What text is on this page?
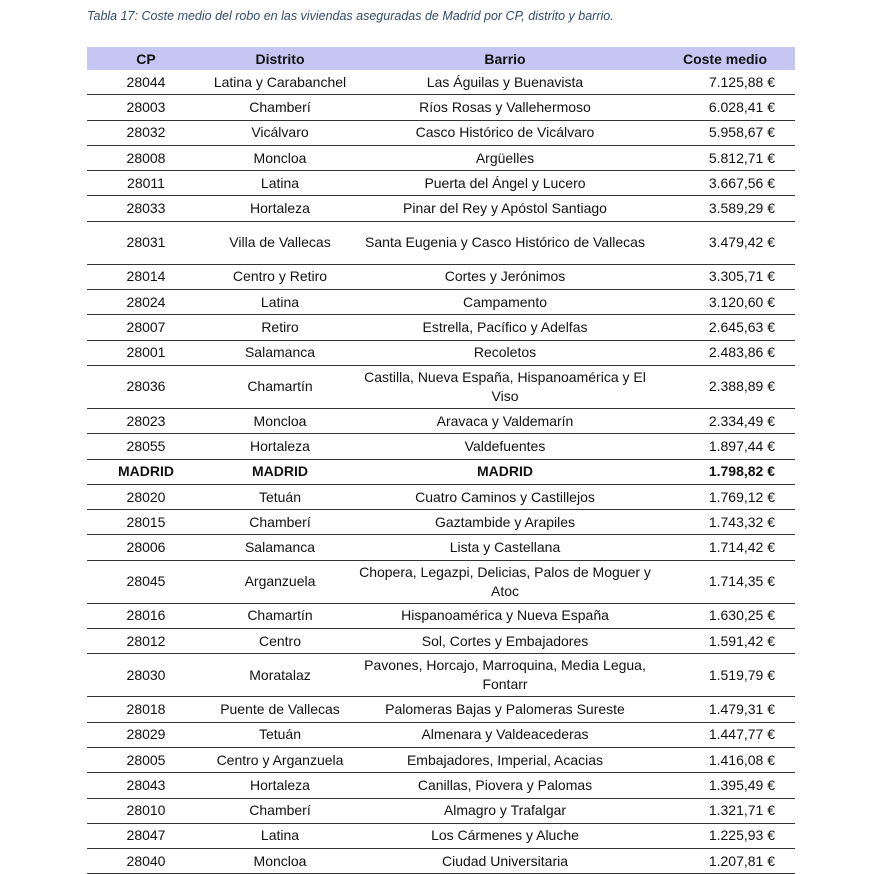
Tabla 17: Coste medio del robo en las viviendas aseguradas de Madrid por CP, distrito y barrio.
CP	Distrito	Barrio	Coste medio
28044	Latina y Carabanchel	Las Águilas y Buenavista	7.125,88 €
28003	Chamberí	Ríos Rosas y Vallehermoso	6.028,41 €
28032	Vicálvaro	Casco Histórico de Vicálvaro	5.958,67 €
28008	Moncloa	Argüelles	5.812,71 €
28011	Latina	Puerta del Ángel y Lucero	3.667,56 €
28033	Hortaleza	Pinar del Rey y Apóstol Santiago	3.589,29 €
28031	Villa de Vallecas	Santa Eugenia y Casco Histórico de Vallecas	3.479,42 €
28014	Centro y Retiro	Cortes y Jerónimos	3.305,71 €
28024	Latina	Campamento	3.120,60 €
28007	Retiro	Estrella, Pacífico y Adelfas	2.645,63 €
28001	Salamanca	Recoletos	2.483,86 €
28036	Chamartín	Castilla, Nueva España, Hispanoamérica y El Viso	2.388,89 €
28023	Moncloa	Aravaca y Valdemarín	2.334,49 €
28055	Hortaleza	Valdefuentes	1.897,44 €
MADRID	MADRID	MADRID	1.798,82 €
28020	Tetuán	Cuatro Caminos y Castillejos	1.769,12 €
28015	Chamberí	Gaztambide y Arapiles	1.743,32 €
28006	Salamanca	Lista y Castellana	1.714,42 €
28045	Arganzuela	Chopera, Legazpi, Delicias, Palos de Moguer y Atoc	1.714,35 €
28016	Chamartín	Hispanoamérica y Nueva España	1.630,25 €
28012	Centro	Sol, Cortes y Embajadores	1.591,42 €
28030	Moratalaz	Pavones, Horcajo, Marroquina, Media Legua, Fontarr	1.519,79 €
28018	Puente de Vallecas	Palomeras Bajas y Palomeras Sureste	1.479,31 €
28029	Tetuán	Almenara y Valdeacederas	1.447,77 €
28005	Centro y Arganzuela	Embajadores, Imperial, Acacias	1.416,08 €
28043	Hortaleza	Canillas, Piovera y Palomas	1.395,49 €
28010	Chamberí	Almagro y Trafalgar	1.321,71 €
28047	Latina	Los Cármenes y Aluche	1.225,93 €
28040	Moncloa	Ciudad Universitaria	1.207,81 €
